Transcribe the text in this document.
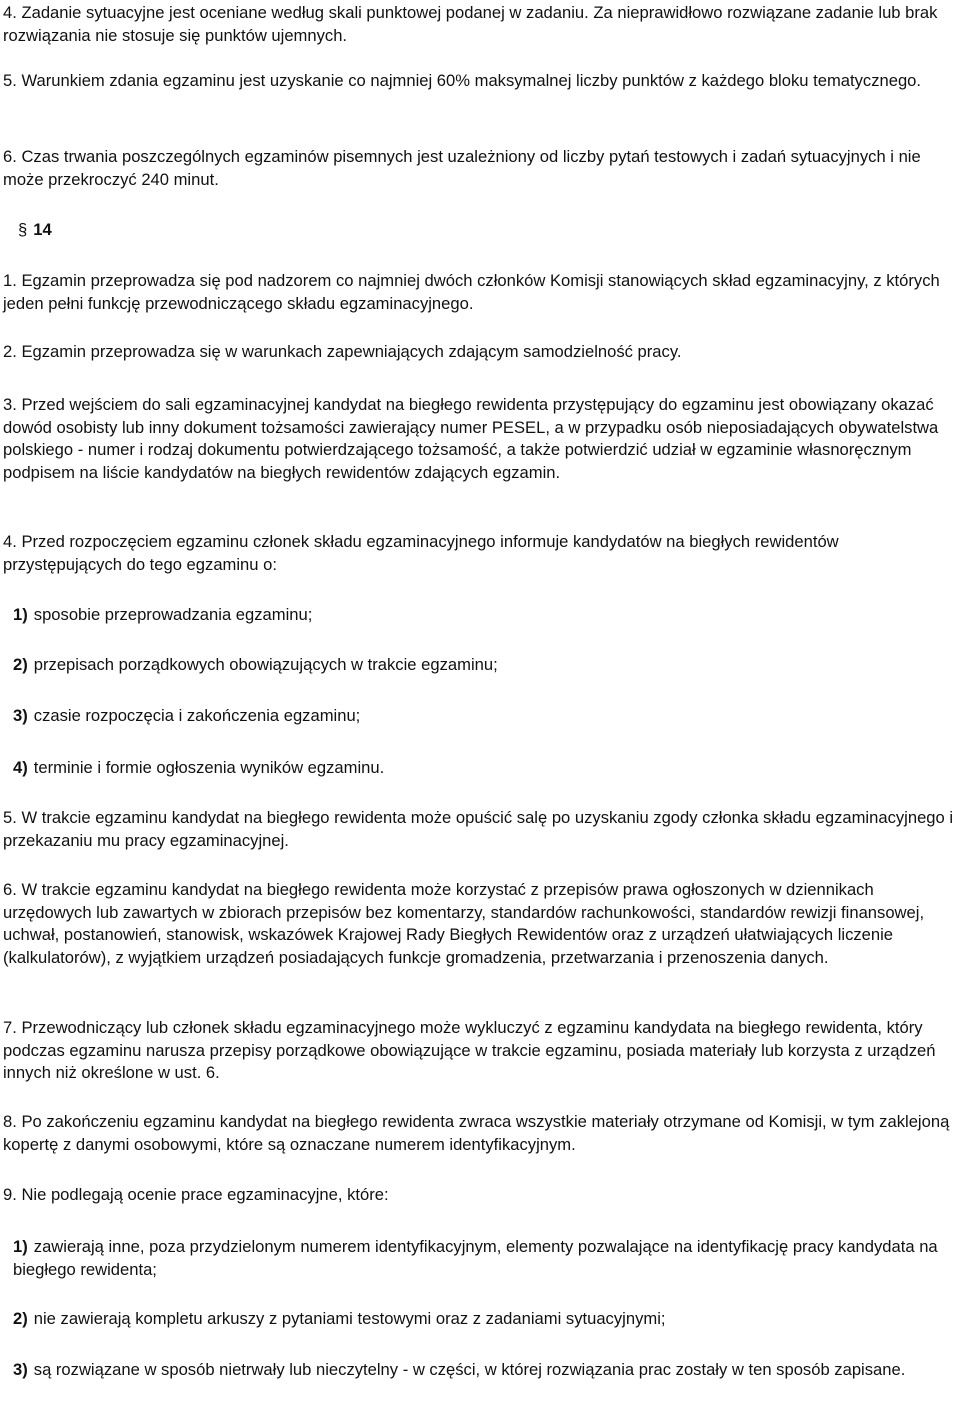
4. Zadanie sytuacyjne jest oceniane według skali punktowej podanej w zadaniu. Za nieprawidłowo rozwiązane zadanie lub brak rozwiązania nie stosuje się punktów ujemnych.

5. Warunkiem zdania egzaminu jest uzyskanie co najmniej 60% maksymalnej liczby punktów z każdego bloku tematycznego.

6. Czas trwania poszczególnych egzaminów pisemnych jest uzależniony od liczby pytań testowych i zadań sytuacyjnych i nie może przekroczyć 240 minut.

§ 14

1. Egzamin przeprowadza się pod nadzorem co najmniej dwóch członków Komisji stanowiących skład egzaminacyjny, z których jeden pełni funkcję przewodniczącego składu egzaminacyjnego.

2. Egzamin przeprowadza się w warunkach zapewniających zdającym samodzielność pracy.

3. Przed wejściem do sali egzaminacyjnej kandydat na biegłego rewidenta przystępujący do egzaminu jest obowiązany okazać dowód osobisty lub inny dokument tożsamości zawierający numer PESEL, a w przypadku osób nieposiadających obywatelstwa polskiego - numer i rodzaj dokumentu potwierdzającego tożsamość, a także potwierdzić udział w egzaminie własnoręcznym podpisem na liście kandydatów na biegłych rewidentów zdających egzamin.

4. Przed rozpoczęciem egzaminu członek składu egzaminacyjnego informuje kandydatów na biegłych rewidentów przystępujących do tego egzaminu o:

1) sposobie przeprowadzania egzaminu;
2) przepisach porządkowych obowiązujących w trakcie egzaminu;
3) czasie rozpoczęcia i zakończenia egzaminu;
4) terminie i formie ogłoszenia wyników egzaminu.

5. W trakcie egzaminu kandydat na biegłego rewidenta może opuścić salę po uzyskaniu zgody członka składu egzaminacyjnego i przekazaniu mu pracy egzaminacyjnej.

6. W trakcie egzaminu kandydat na biegłego rewidenta może korzystać z przepisów prawa ogłoszonych w dziennikach urzędowych lub zawartych w zbiorach przepisów bez komentarzy, standardów rachunkowości, standardów rewizji finansowej, uchwał, postanowień, stanowisk, wskazówek Krajowej Rady Biegłych Rewidentów oraz z urządzeń ułatwiających liczenie (kalkulatorów), z wyjątkiem urządzeń posiadających funkcje gromadzenia, przetwarzania i przenoszenia danych.

7. Przewodniczący lub członek składu egzaminacyjnego może wykluczyć z egzaminu kandydata na biegłego rewidenta, który podczas egzaminu narusza przepisy porządkowe obowiązujące w trakcie egzaminu, posiada materiały lub korzysta z urządzeń innych niż określone w ust. 6.

8. Po zakończeniu egzaminu kandydat na biegłego rewidenta zwraca wszystkie materiały otrzymane od Komisji, w tym zaklejoną kopertę z danymi osobowymi, które są oznaczane numerem identyfikacyjnym.

9. Nie podlegają ocenie prace egzaminacyjne, które:

1) zawierają inne, poza przydzielonym numerem identyfikacyjnym, elementy pozwalające na identyfikację pracy kandydata na biegłego rewidenta;
2) nie zawierają kompletu arkuszy z pytaniami testowymi oraz z zadaniami sytuacyjnymi;
3) są rozwiązane w sposób nietrwały lub nieczytelny - w części, w której rozwiązania prac zostały w ten sposób zapisane.
